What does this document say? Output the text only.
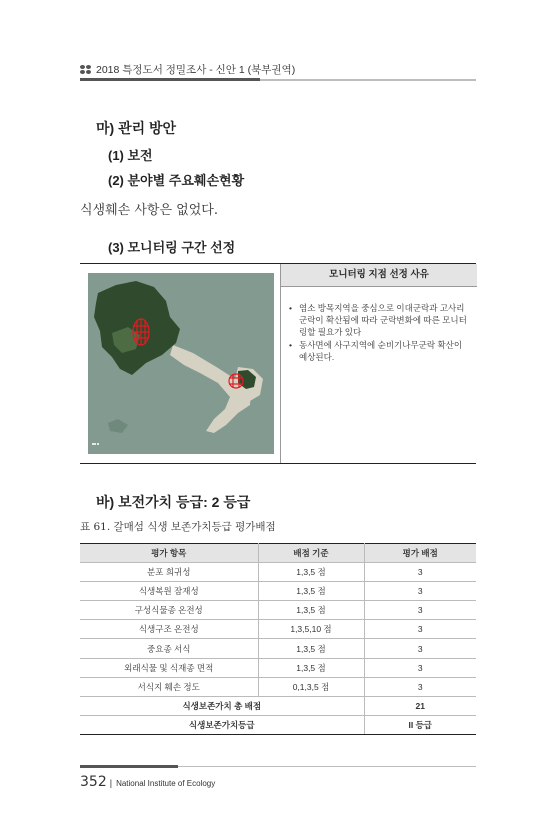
2018 특정도서 정밀조사 - 신안 1 (북부권역)
마) 관리 방안
(1) 보전
(2) 분야별 주요훼손현황
식생훼손 사항은 없었다.
(3) 모니터링 구간 선정
모니터링 지점 선정 사유
• 염소 방목지역을 중심으로 이대군락과 고사리군락이 확산됨에 따라 군락변화에 따른 모니터링할 필요가 있다
• 동사면에 사구지역에 순비기나무군락 확산이 예상된다.
바) 보전가치 등급: 2 등급
표 61. 갈매섬 식생 보존가치등급 평가배점
평가 항목	배점 기준	평가 배점
분포 희귀성	1,3,5 점	3
식생복원 잠재성	1,3,5 점	3
구성식물종 온전성	1,3,5 점	3
식생구조 온전성	1,3,5,10 점	3
중요종 서식	1,3,5 점	3
외래식물 및 식재종 면적	1,3,5 점	3
서식지 훼손 정도	0,1,3,5 점	3
식생보존가치 총 배점		21
식생보존가치등급		II 등급
352 | National Institute of Ecology
